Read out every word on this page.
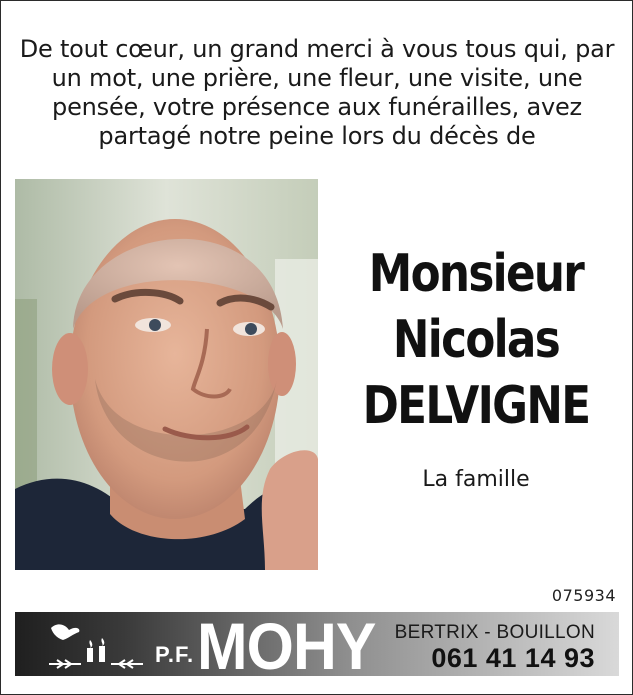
De tout cœur, un grand merci à vous tous qui, par un mot, une prière, une fleur, une visite, une pensée, votre présence aux funérailles, avez partagé notre peine lors du décès de
Monsieur
Nicolas
DELVIGNE
La famille
075934
P.F. MOHY BERTRIX - BOUILLON
061 41 14 93
